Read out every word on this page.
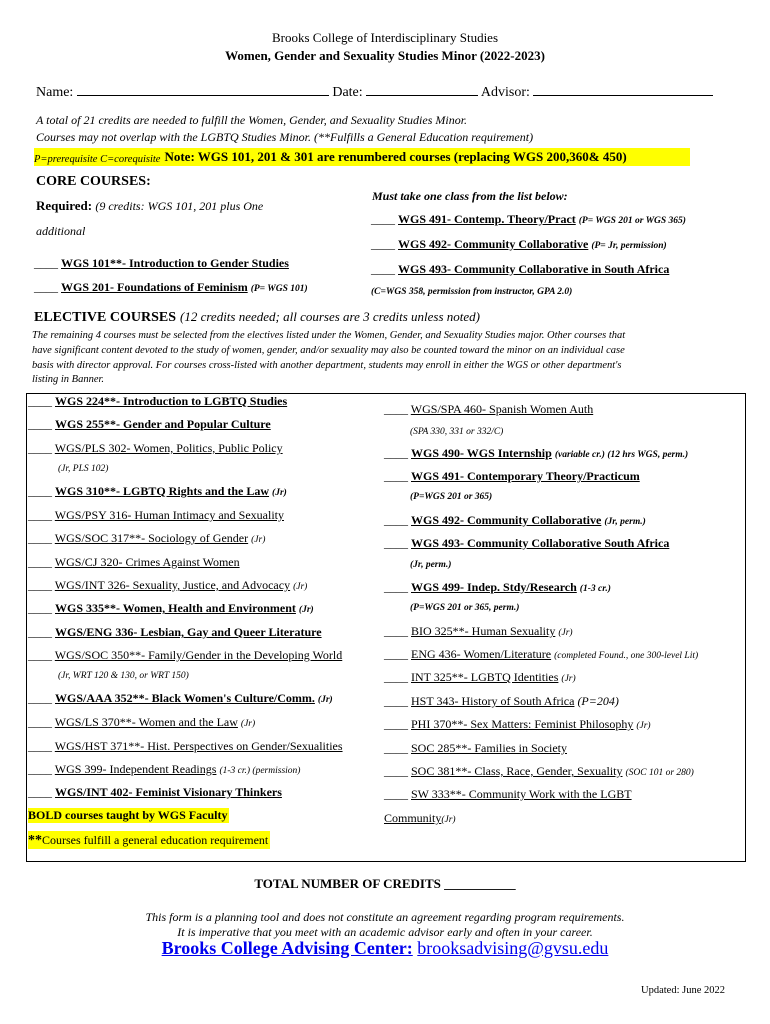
Brooks College of Interdisciplinary Studies
Women, Gender and Sexuality Studies Minor (2022-2023)
Name:	Date:	Advisor:
A total of 21 credits are needed to fulfill the Women, Gender, and Sexuality Studies Minor.
Courses may not overlap with the LGBTQ Studies Minor. (**Fulfills a General Education requirement)
P=prerequisite C=corequisite Note: WGS 101, 201 & 301 are renumbered courses (replacing WGS 200,360& 450)
CORE COURSES:
Required: (9 credits: WGS 101, 201 plus One
additional
____ WGS 101**- Introduction to Gender Studies
____ WGS 201- Foundations of Feminism (P= WGS 101)
Must take one class from the list below:
____ WGS 491- Contemp. Theory/Pract (P= WGS 201 or WGS 365)
____ WGS 492- Community Collaborative (P= Jr, permission)
____ WGS 493- Community Collaborative in South Africa
(C=WGS 358, permission from instructor, GPA 2.0)
ELECTIVE COURSES (12 credits needed; all courses are 3 credits unless noted)
The remaining 4 courses must be selected from the electives listed under the Women, Gender, and Sexuality Studies major. Other courses that
have significant content devoted to the study of women, gender, and/or sexuality may also be counted toward the minor on an individual case
basis with director approval. For courses cross-listed with another department, students may enroll in either the WGS or other department's
listing in Banner.
____ WGS 224**- Introduction to LGBTQ Studies
____ WGS 255**- Gender and Popular Culture
____ WGS/PLS 302- Women, Politics, Public Policy
(Jr, PLS 102)
____ WGS 310**- LGBTQ Rights and the Law (Jr)
____ WGS/PSY 316- Human Intimacy and Sexuality
____ WGS/SOC 317**- Sociology of Gender (Jr)
____ WGS/CJ 320- Crimes Against Women
____ WGS/INT 326- Sexuality, Justice, and Advocacy (Jr)
____ WGS 335**- Women, Health and Environment (Jr)
____ WGS/ENG 336- Lesbian, Gay and Queer Literature
____ WGS/SOC 350**- Family/Gender in the Developing World
(Jr, WRT 120 & 130, or WRT 150)
____ WGS/AAA 352**- Black Women's Culture/Comm. (Jr)
____ WGS/LS 370**- Women and the Law (Jr)
____ WGS/HST 371**- Hist. Perspectives on Gender/Sexualities
____ WGS 399- Independent Readings (1-3 cr.) (permission)
____ WGS/INT 402- Feminist Visionary Thinkers
BOLD courses taught by WGS Faculty
**Courses fulfill a general education requirement
____ WGS/SPA 460- Spanish Women Auth
(SPA 330, 331 or 332/C)
____ WGS 490- WGS Internship (variable cr.) (12 hrs WGS, perm.)
____ WGS 491- Contemporary Theory/Practicum
(P=WGS 201 or 365)
____ WGS 492- Community Collaborative (Jr, perm.)
____ WGS 493- Community Collaborative South Africa
(Jr, perm.)
____ WGS 499- Indep. Stdy/Research (1-3 cr.)
(P=WGS 201 or 365, perm.)
____ BIO 325**- Human Sexuality (Jr)
____ ENG 436- Women/Literature (completed Found., one 300-level Lit)
____ INT 325**- LGBTQ Identities (Jr)
____ HST 343- History of South Africa (P=204)
____ PHI 370**- Sex Matters: Feminist Philosophy (Jr)
____ SOC 285**- Families in Society
____ SOC 381**- Class, Race, Gender, Sexuality (SOC 101 or 280)
____ SW 333**- Community Work with the LGBT
Community(Jr)
TOTAL NUMBER OF CREDITS ___________
This form is a planning tool and does not constitute an agreement regarding program requirements.
It is imperative that you meet with an academic advisor early and often in your career.
Brooks College Advising Center: brooksadvising@gvsu.edu
Updated: June 2022
